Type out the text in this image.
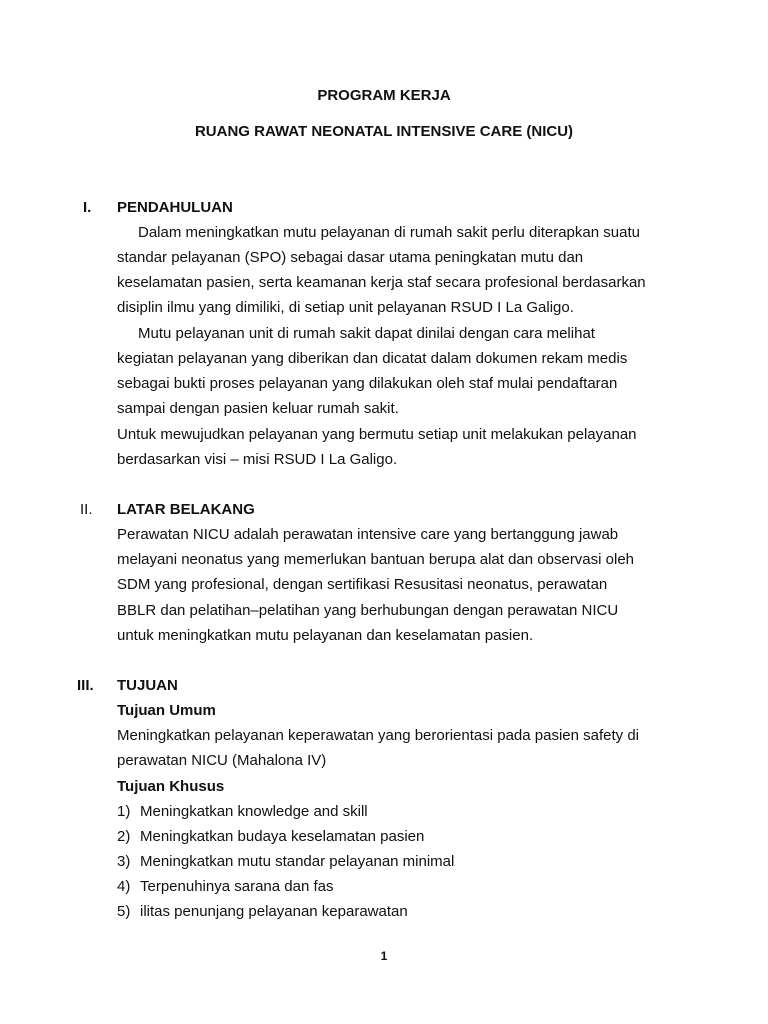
PROGRAM KERJA
RUANG RAWAT NEONATAL INTENSIVE CARE (NICU)
I. PENDAHULUAN
Dalam meningkatkan mutu pelayanan di rumah sakit perlu diterapkan suatu
standar pelayanan (SPO) sebagai dasar utama peningkatan mutu dan
keselamatan pasien, serta keamanan kerja staf secara profesional berdasarkan
disiplin ilmu yang dimiliki, di setiap unit pelayanan RSUD I La Galigo.
Mutu pelayanan unit di rumah sakit dapat dinilai dengan cara melihat
kegiatan pelayanan yang diberikan dan dicatat dalam dokumen rekam medis
sebagai bukti proses pelayanan yang dilakukan oleh staf mulai pendaftaran
sampai dengan pasien keluar rumah sakit.
Untuk mewujudkan pelayanan yang bermutu setiap unit melakukan pelayanan
berdasarkan visi – misi RSUD I La Galigo.
II. LATAR BELAKANG
Perawatan NICU adalah perawatan intensive care yang bertanggung jawab
melayani neonatus yang memerlukan bantuan berupa alat dan observasi oleh
SDM yang profesional, dengan sertifikasi Resusitasi neonatus, perawatan
BBLR dan pelatihan–pelatihan yang berhubungan dengan perawatan NICU
untuk meningkatkan mutu pelayanan dan keselamatan pasien.
III. TUJUAN
Tujuan Umum
Meningkatkan pelayanan keperawatan yang berorientasi pada pasien safety di
perawatan NICU (Mahalona IV)
Tujuan Khusus
1) Meningkatkan knowledge and skill
2) Meningkatkan budaya keselamatan pasien
3) Meningkatkan mutu standar pelayanan minimal
4) Terpenuhinya sarana dan fas
5) ilitas penunjang pelayanan keparawatan
1
